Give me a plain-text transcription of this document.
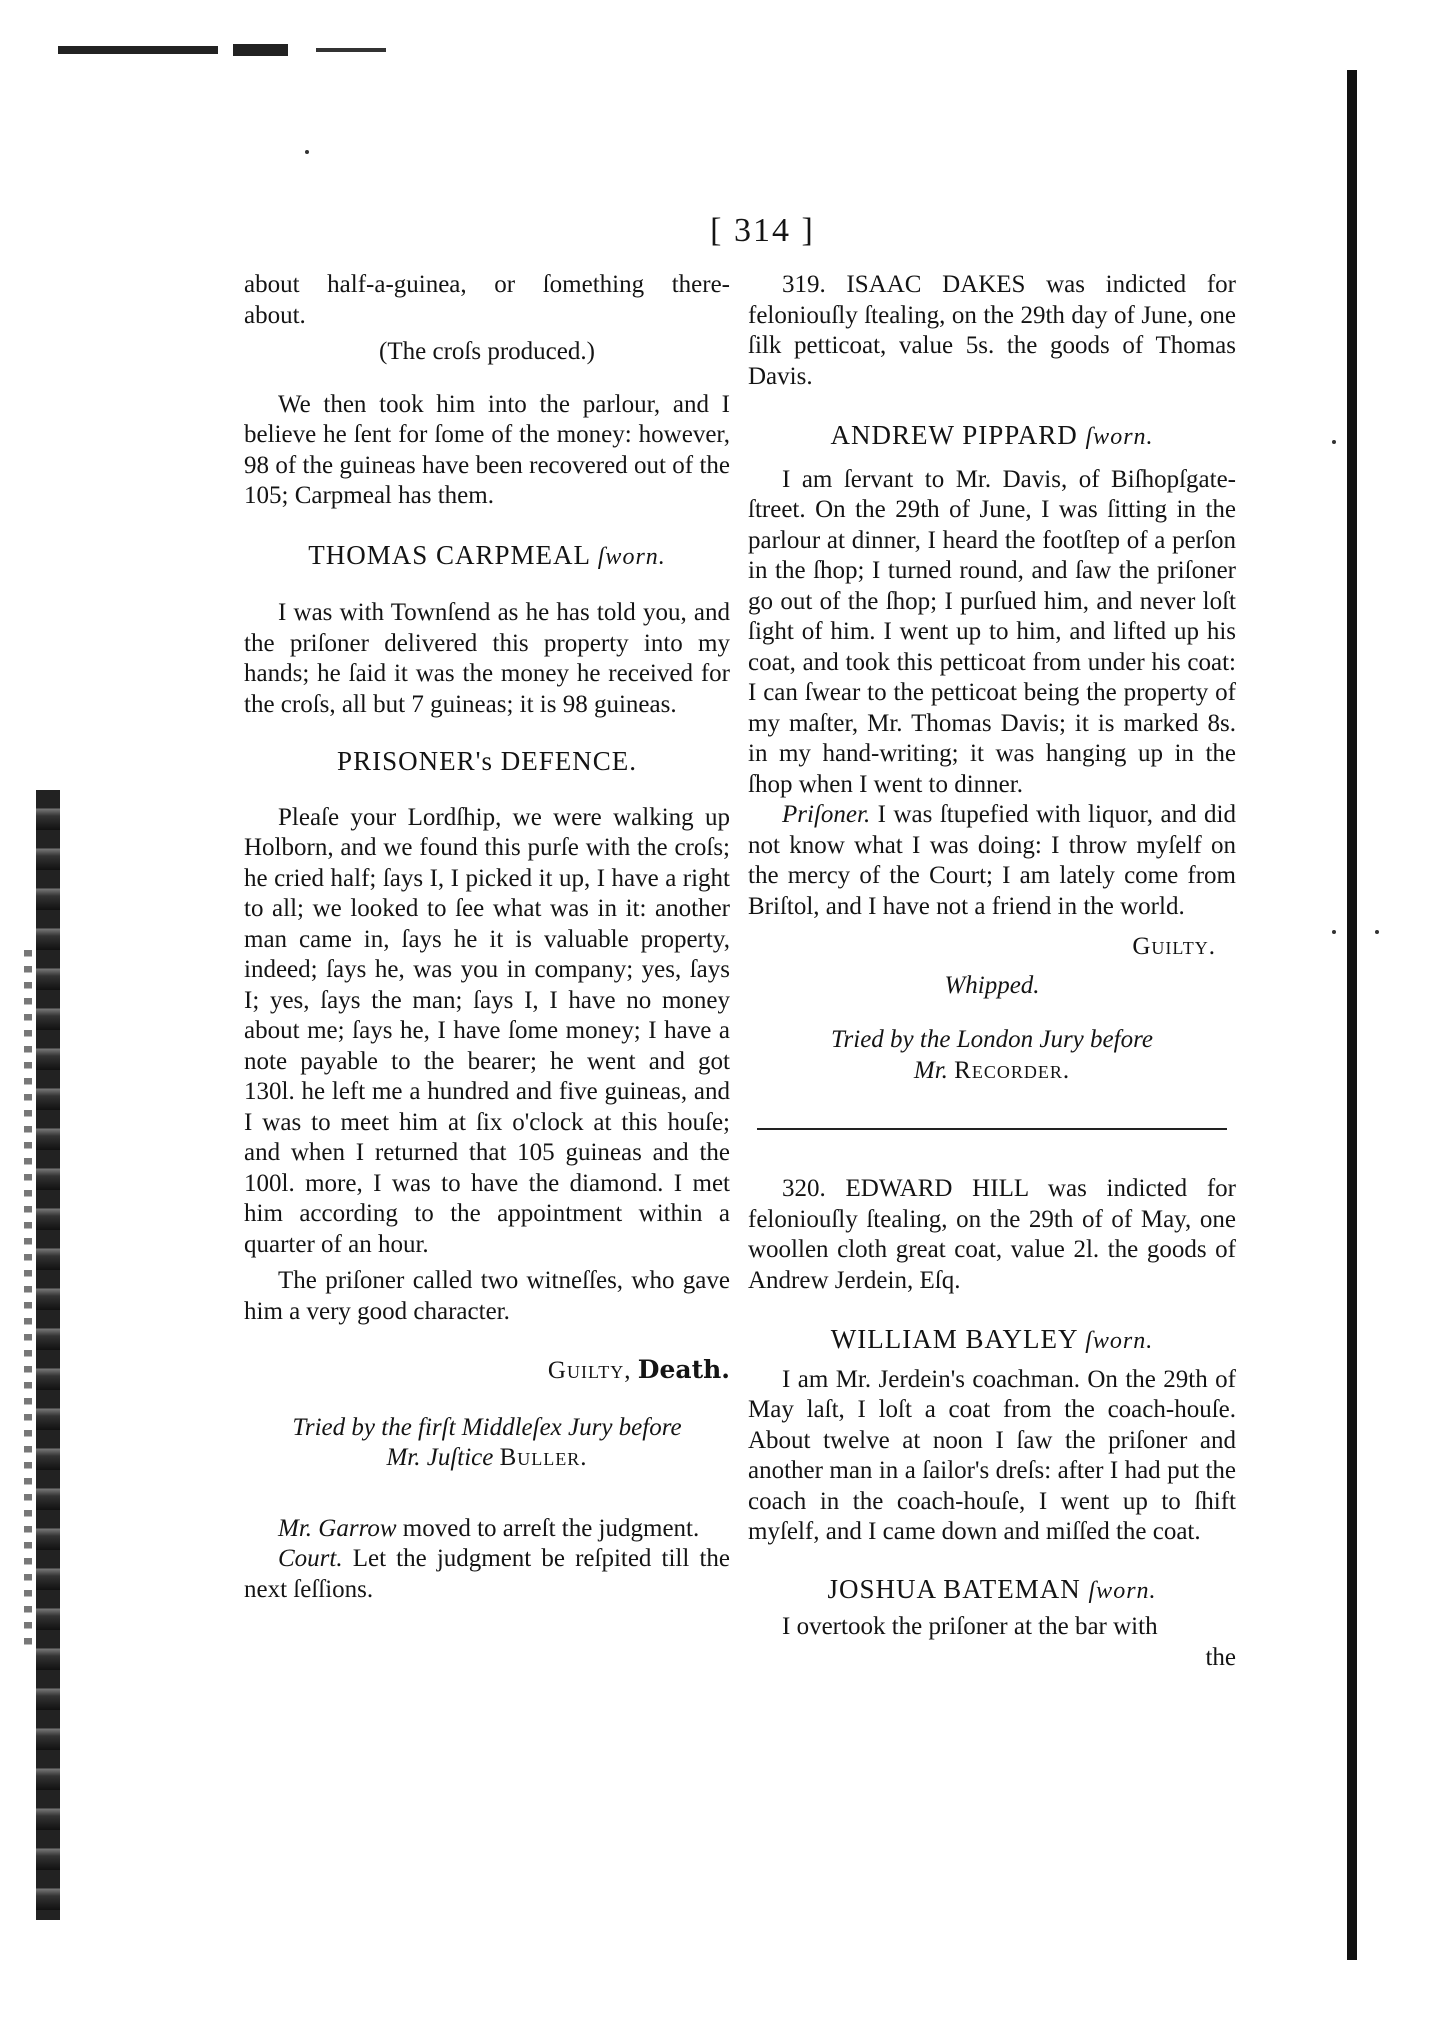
[ 314 ]

about half-a-guinea, or ſomething there-

about.

(The croſs produced.)

We then took him into the parlour, and I believe he ſent for ſome of the money: however, 98 of the guineas have been recovered out of the 105; Carpmeal has them.

THOMAS CARPMEAL ſworn.

I was with Townſend as he has told you, and the priſoner delivered this property into my hands; he ſaid it was the money he received for the croſs, all but 7 guineas; it is 98 guineas.

PRISONER's DEFENCE.

Pleaſe your Lordſhip, we were walking up Holborn, and we found this purſe with the croſs; he cried half; ſays I, I picked it up, I have a right to all; we looked to ſee what was in it: another man came in, ſays he it is valuable property, indeed; ſays he, was you in company; yes, ſays I; yes, ſays the man; ſays I, I have no money about me; ſays he, I have ſome money; I have a note payable to the bearer; he went and got 130l. he left me a hundred and five guineas, and I was to meet him at ſix o'clock at this houſe; and when I returned that 105 guineas and the 100l. more, I was to have the diamond. I met him according to the appointment within a quarter of an hour.

The priſoner called two witneſſes, who gave him a very good character.

Guilty, Death.

Tried by the firſt Middleſex Jury before

Mr. Juſtice Buller.

Mr. Garrow moved to arreſt the judgment.

Court. Let the judgment be reſpited till the next ſeſſions.

319. ISAAC DAKES was indicted for feloniouſly ſtealing, on the 29th day of June, one ſilk petticoat, value 5s. the goods of Thomas Davis.

ANDREW PIPPARD ſworn.

I am ſervant to Mr. Davis, of Biſhopſgate-ſtreet. On the 29th of June, I was ſitting in the parlour at dinner, I heard the footſtep of a perſon in the ſhop; I turned round, and ſaw the priſoner go out of the ſhop; I purſued him, and never loſt ſight of him. I went up to him, and lifted up his coat, and took this petticoat from under his coat: I can ſwear to the petticoat being the property of my maſter, Mr. Thomas Davis; it is marked 8s. in my hand-writing; it was hanging up in the ſhop when I went to dinner.

Priſoner. I was ſtupefied with liquor, and did not know what I was doing: I throw myſelf on the mercy of the Court; I am lately come from Briſtol, and I have not a friend in the world.

Guilty.

Whipped.

Tried by the London Jury before

Mr. Recorder.

320. EDWARD HILL was indicted for feloniouſly ſtealing, on the 29th of of May, one woollen cloth great coat, value 2l. the goods of Andrew Jerdein, Eſq.

WILLIAM BAYLEY ſworn.

I am Mr. Jerdein's coachman. On the 29th of May laſt, I loſt a coat from the coach-houſe. About twelve at noon I ſaw the priſoner and another man in a ſailor's dreſs: after I had put the coach in the coach-houſe, I went up to ſhift myſelf, and I came down and miſſed the coat.

JOSHUA BATEMAN ſworn.

I overtook the priſoner at the bar with

the
